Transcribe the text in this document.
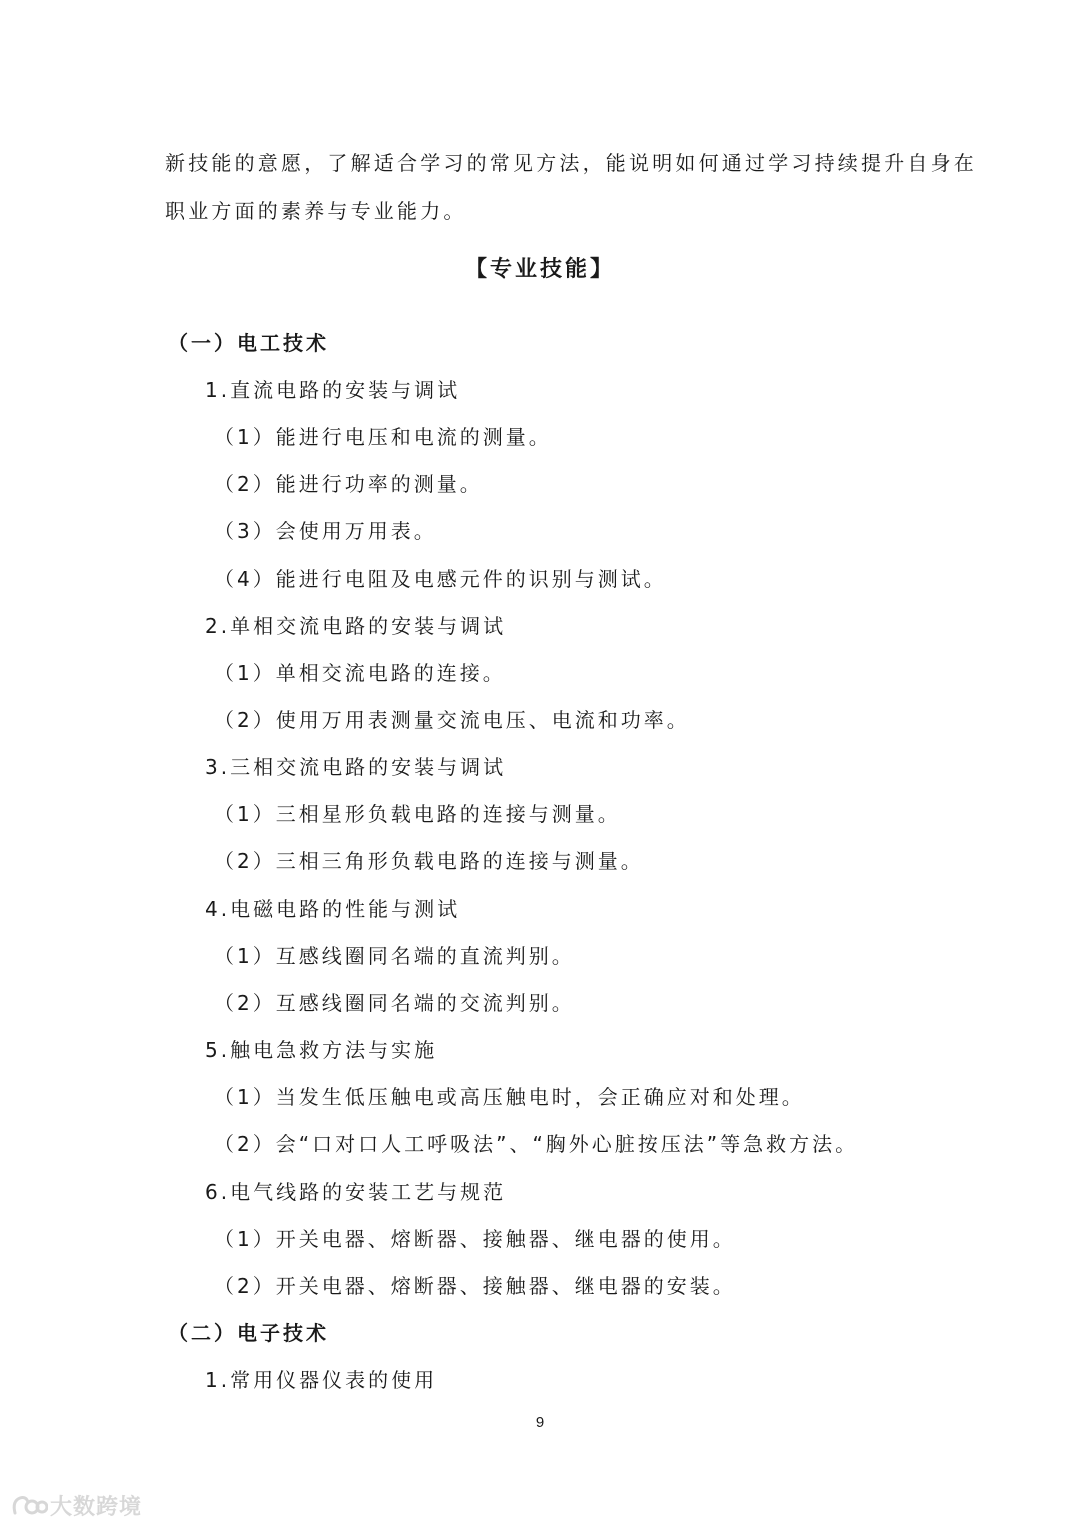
新技能的意愿，了解适合学习的常见方法，能说明如何通过学习持续提升自身在
职业方面的素养与专业能力。
【专业技能】
（一）电工技术
1.直流电路的安装与调试
（1）能进行电压和电流的测量。
（2）能进行功率的测量。
（3）会使用万用表。
（4）能进行电阻及电感元件的识别与测试。
2.单相交流电路的安装与调试
（1）单相交流电路的连接。
（2）使用万用表测量交流电压、电流和功率。
3.三相交流电路的安装与调试
（1）三相星形负载电路的连接与测量。
（2）三相三角形负载电路的连接与测量。
4.电磁电路的性能与测试
（1）互感线圈同名端的直流判别。
（2）互感线圈同名端的交流判别。
5.触电急救方法与实施
（1）当发生低压触电或高压触电时，会正确应对和处理。
（2）会“口对口人工呼吸法”、“胸外心脏按压法”等急救方法。
6.电气线路的安装工艺与规范
（1）开关电器、熔断器、接触器、继电器的使用。
（2）开关电器、熔断器、接触器、继电器的安装。
（二）电子技术
1.常用仪器仪表的使用
9
大数跨境
